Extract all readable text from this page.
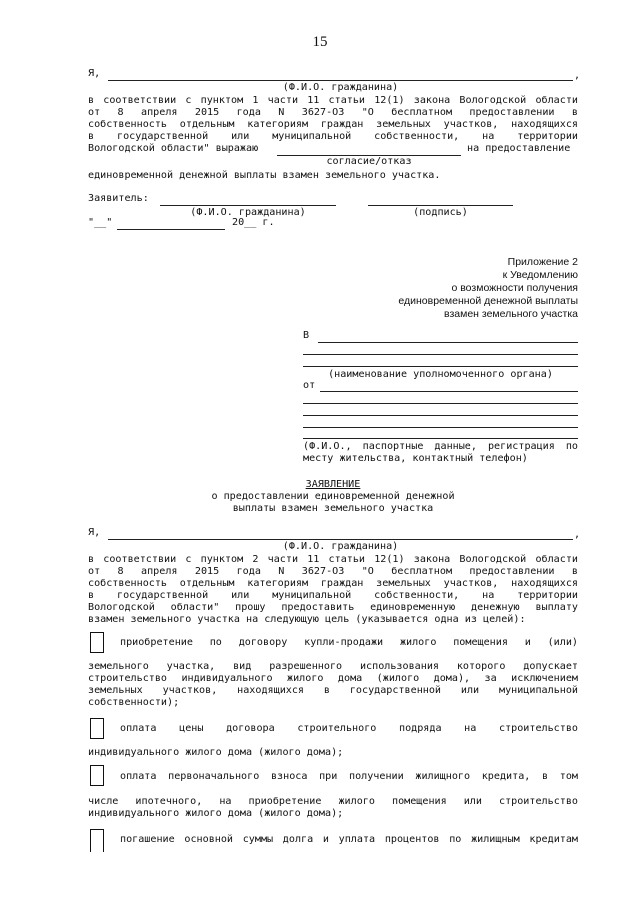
15
Я,	,
(Ф.И.О. гражданина)
в соответствии с пунктом 1 части 11 статьи 12(1) закона Вологодской области
от 8 апреля 2015 года N 3627-ОЗ "О бесплатном предоставлении в
собственность отдельным категориям граждан земельных участков, находящихся
в государственной или муниципальной собственности, на территории
Вологодской области" выражаю	на предоставление
согласие/отказ
единовременной денежной выплаты взамен земельного участка.
Заявитель:
(Ф.И.О. гражданина)	(подпись)
"__"	20__ г.
Приложение 2
к Уведомлению
о возможности получения
единовременной денежной выплаты
взамен земельного участка
В
(наименование уполномоченного органа)
от
(Ф.И.О., паспортные данные, регистрация по
месту жительства, контактный телефон)
ЗАЯВЛЕНИЕ
о предоставлении единовременной денежной
выплаты взамен земельного участка
Я,	,
(Ф.И.О. гражданина)
в соответствии с пунктом 2 части 11 статьи 12(1) закона Вологодской области
от 8 апреля 2015 года N 3627-ОЗ "О бесплатном предоставлении в
собственность отдельным категориям граждан земельных участков, находящихся
в государственной или муниципальной собственности, на территории
Вологодской области" прошу предоставить единовременную денежную выплату
взамен земельного участка на следующую цель (указывается одна из целей):
приобретение по договору купли-продажи жилого помещения и (или)
земельного участка, вид разрешенного использования которого допускает
строительство индивидуального жилого дома (жилого дома), за исключением
земельных участков, находящихся в государственной или муниципальной
собственности);
оплата цены договора строительного подряда на строительство
индивидуального жилого дома (жилого дома);
оплата первоначального взноса при получении жилищного кредита, в том
числе ипотечного, на приобретение жилого помещения или строительство
индивидуального жилого дома (жилого дома);
погашение основной суммы долга и уплата процентов по жилищным кредитам
